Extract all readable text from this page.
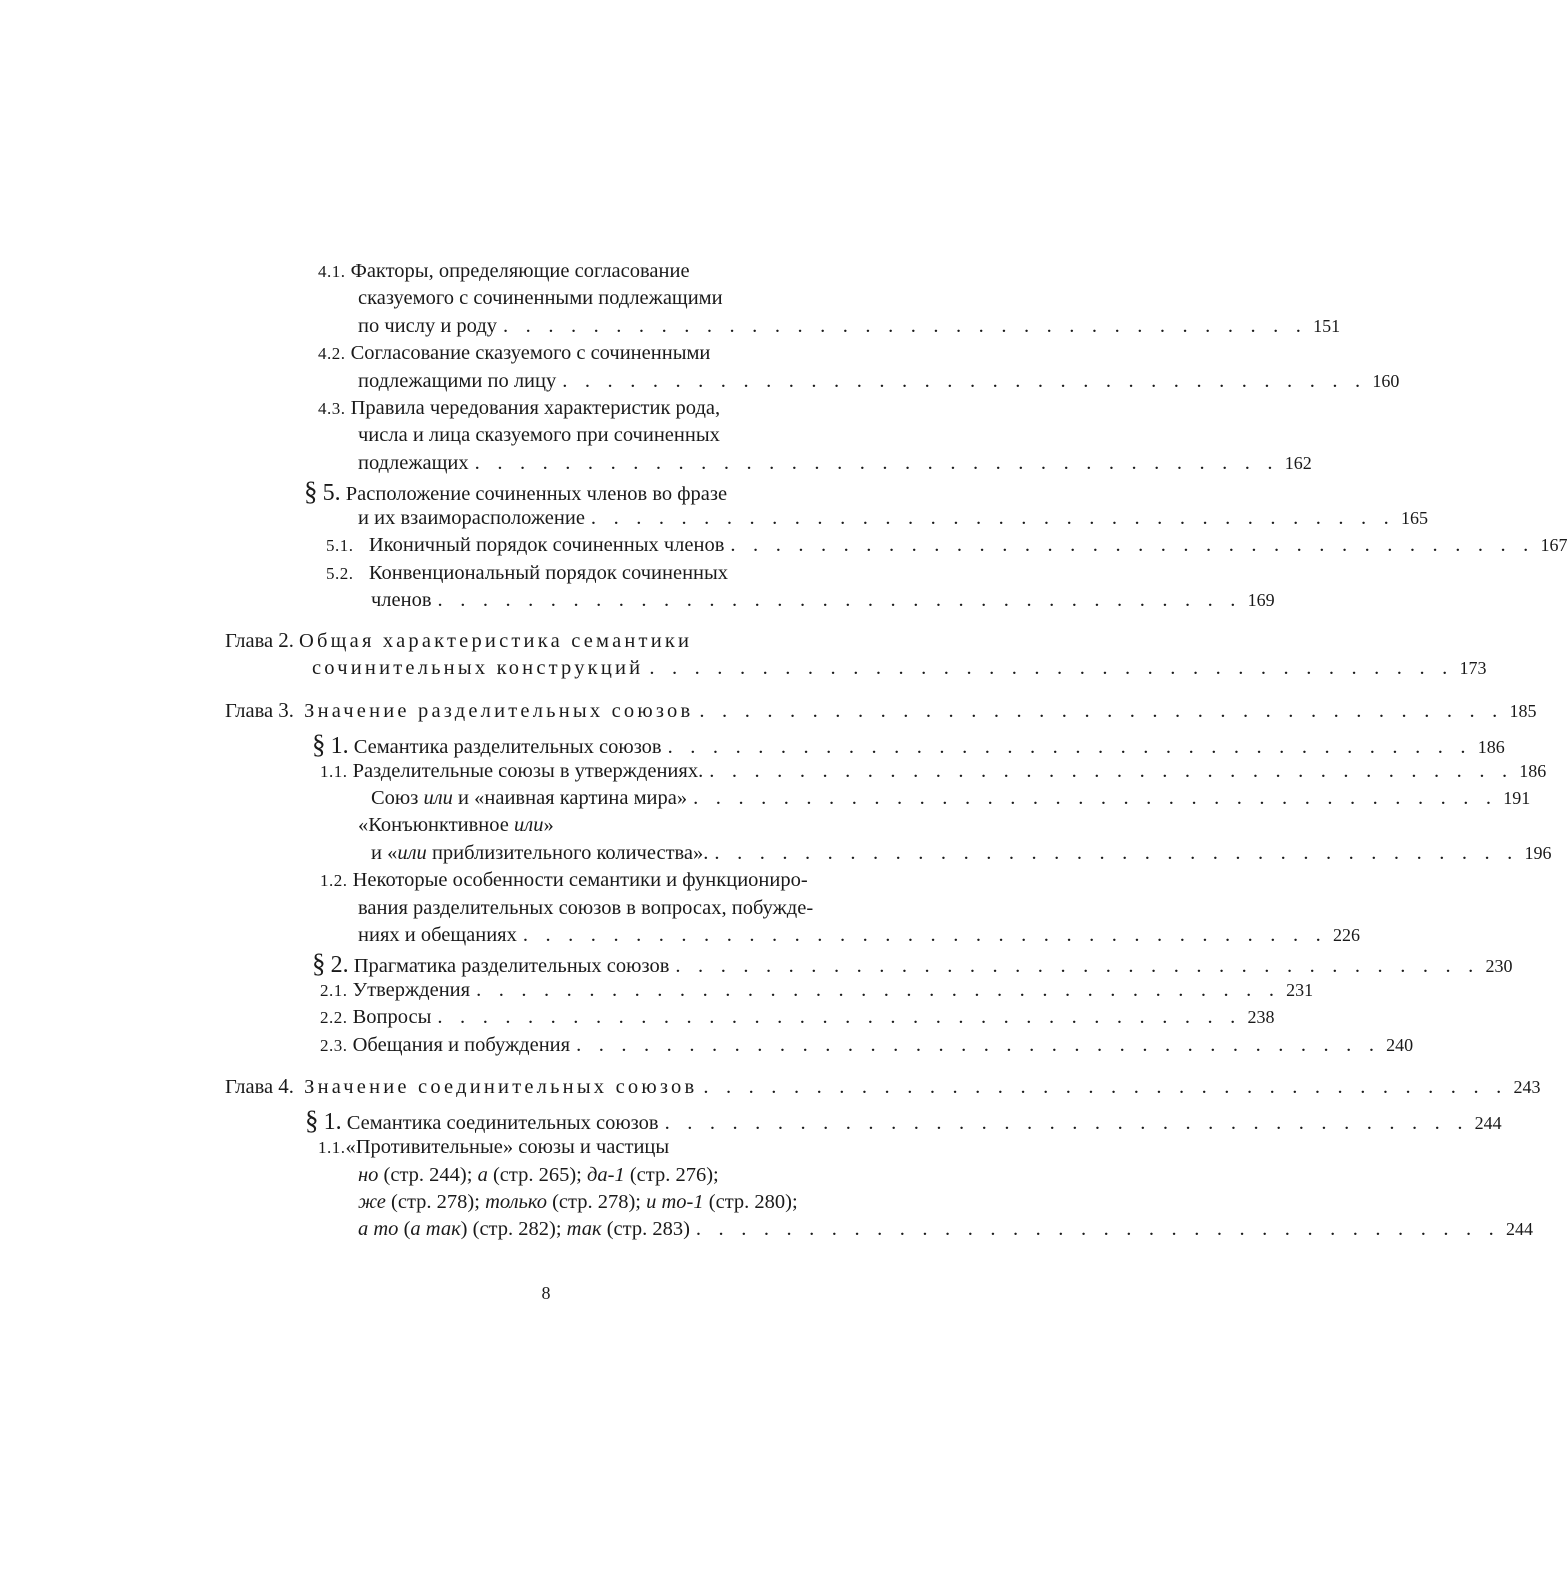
4.1. Факторы, определяющие согласование
сказуемого с сочиненными подлежащими
по числу и роду . . . . . . . . . . . . . . . . . . . . . . . . . . . . . . . . . . . . 151
4.2. Согласование сказуемого с сочиненными
подлежащими по лицу . . . . . . . . . . . . . . . . . . . . . . . . . . . . . . . . . . . . 160
4.3. Правила чередования характеристик рода,
числа и лица сказуемого при сочиненных
подлежащих . . . . . . . . . . . . . . . . . . . . . . . . . . . . . . . . . . . . 162
§ 5. Расположение сочиненных членов во фразе
и их взаиморасположение . . . . . . . . . . . . . . . . . . . . . . . . . . . . . . . . . . . . 165
5.1. Иконичный порядок сочиненных членов . . . . . . . . . . . . . . . . . . . . . . . . . . . . . . . . . . . . 167
5.2. Конвенциональный порядок сочиненных
членов . . . . . . . . . . . . . . . . . . . . . . . . . . . . . . . . . . . . 169
Глава 2. Общая характеристика семантики
сочинительных конструкций . . . . . . . . . . . . . . . . . . . . . . . . . . . . . . . . . . . . 173
Глава 3.  Значение разделительных союзов . . . . . . . . . . . . . . . . . . . . . . . . . . . . . . . . . . . . 185
§ 1. Семантика разделительных союзов . . . . . . . . . . . . . . . . . . . . . . . . . . . . . . . . . . . . 186
1.1. Разделительные союзы в утверждениях. . . . . . . . . . . . . . . . . . . . . . . . . . . . . . . . . . . . . 186
Союз или и «наивная картина мира» . . . . . . . . . . . . . . . . . . . . . . . . . . . . . . . . . . . . 191
«Конъюнктивное или»
и «или приблизительного количества». . . . . . . . . . . . . . . . . . . . . . . . . . . . . . . . . . . . . 196
1.2. Некоторые особенности семантики и функциониро-
вания разделительных союзов в вопросах, побужде-
ниях и обещаниях . . . . . . . . . . . . . . . . . . . . . . . . . . . . . . . . . . . . 226
§ 2. Прагматика разделительных союзов . . . . . . . . . . . . . . . . . . . . . . . . . . . . . . . . . . . . 230
2.1. Утверждения . . . . . . . . . . . . . . . . . . . . . . . . . . . . . . . . . . . . 231
2.2. Вопросы . . . . . . . . . . . . . . . . . . . . . . . . . . . . . . . . . . . . 238
2.3. Обещания и побуждения . . . . . . . . . . . . . . . . . . . . . . . . . . . . . . . . . . . . 240
Глава 4.  Значение соединительных союзов . . . . . . . . . . . . . . . . . . . . . . . . . . . . . . . . . . . . 243
§ 1. Семантика соединительных союзов . . . . . . . . . . . . . . . . . . . . . . . . . . . . . . . . . . . . 244
1.1.«Противительные» союзы и частицы
но (стр. 244); а (стр. 265); да-1 (стр. 276);
же (стр. 278); только (стр. 278); и то-1 (стр. 280);
а то (а так) (стр. 282); так (стр. 283) . . . . . . . . . . . . . . . . . . . . . . . . . . . . . . . . . . . . 244
8
